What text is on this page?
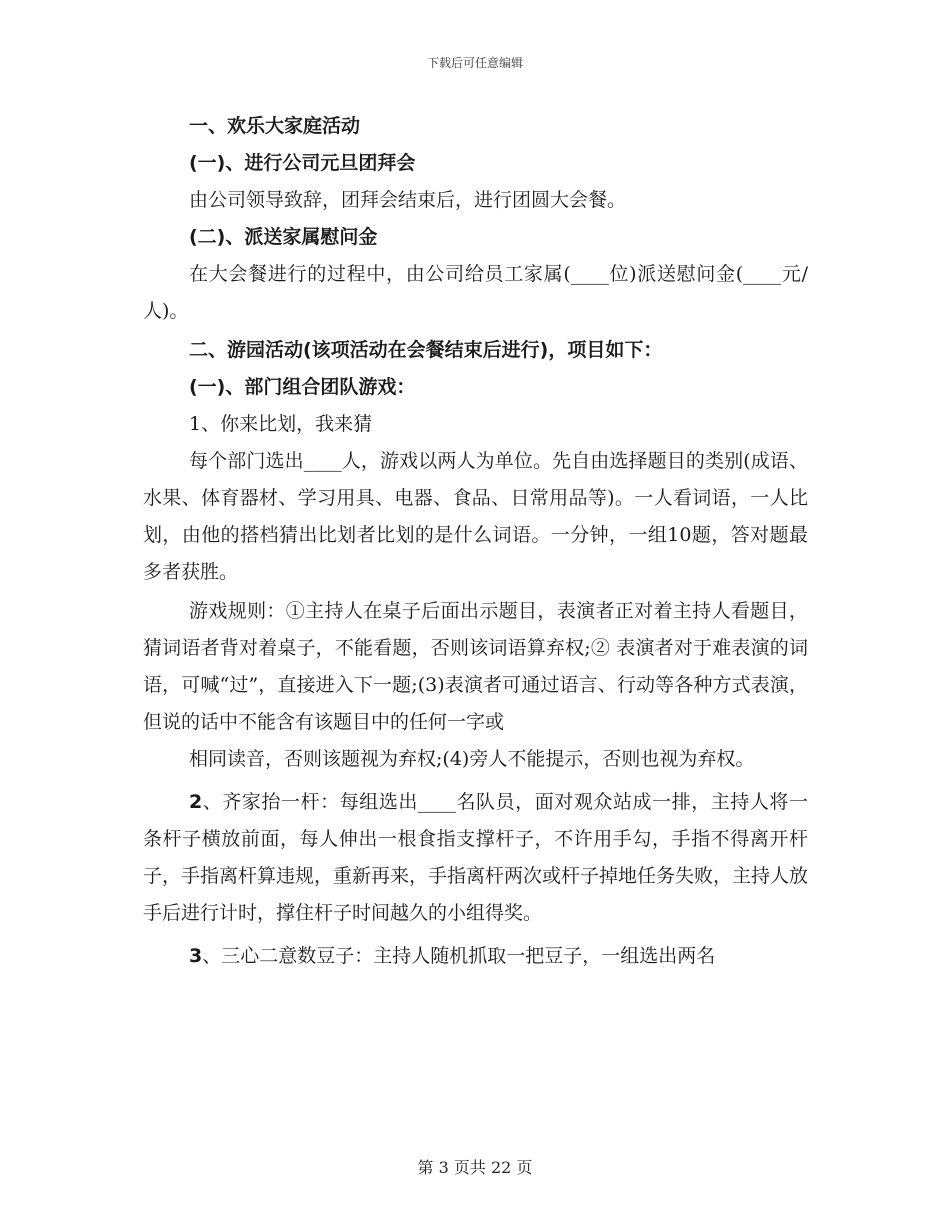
下载后可任意编辑

一、欢乐大家庭活动

(一)、进行公司元旦团拜会

由公司领导致辞，团拜会结束后，进行团圆大会餐。

(二)、派送家属慰问金

在大会餐进行的过程中，由公司给员工家属(____位)派送慰问金(____元/人)。

二、游园活动(该项活动在会餐结束后进行)，项目如下：

(一)、部门组合团队游戏：

1、你来比划，我来猜

每个部门选出____人，游戏以两人为单位。先自由选择题目的类别(成语、水果、体育器材、学习用具、电器、食品、日常用品等)。一人看词语，一人比划，由他的搭档猜出比划者比划的是什么词语。一分钟，一组10题，答对题最多者获胜。

游戏规则：①主持人在桌子后面出示题目，表演者正对着主持人看题目，猜词语者背对着桌子，不能看题，否则该词语算弃权;② 表演者对于难表演的词语，可喊“过”，直接进入下一题;(3)表演者可通过语言、行动等各种方式表演，但说的话中不能含有该题目中的任何一字或

相同读音，否则该题视为弃权;(4)旁人不能提示，否则也视为弃权。

2、齐家抬一杆：每组选出____名队员，面对观众站成一排，主持人将一条杆子横放前面，每人伸出一根食指支撑杆子，不许用手勾，手指不得离开杆子，手指离杆算违规，重新再来，手指离杆两次或杆子掉地任务失败，主持人放手后进行计时，撑住杆子时间越久的小组得奖。

3、三心二意数豆子：主持人随机抓取一把豆子，一组选出两名

第 3 页共 22 页
